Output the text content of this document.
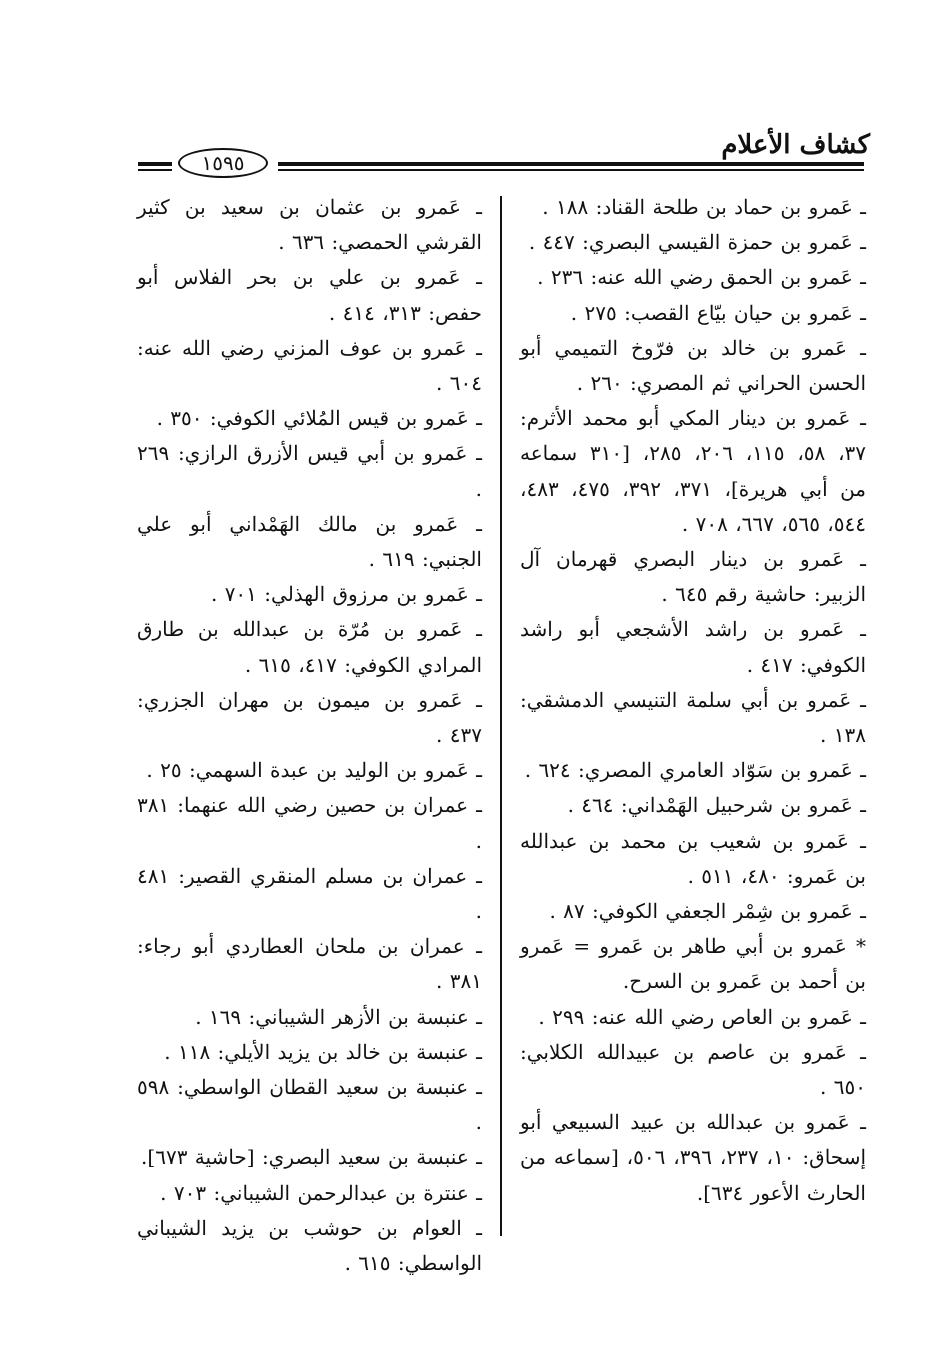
كشاف الأعلام
١٥٩٥

ـ عَمرو بن حماد بن طلحة القناد: ١٨٨ .

ـ عَمرو بن حمزة القيسي البصري: ٤٤٧ .

ـ عَمرو بن الحمق رضي الله عنه: ٢٣٦ .

ـ عَمرو بن حيان بيّاع القصب: ٢٧٥ .

ـ عَمرو بن خالد بن فرّوخ التميمي أبو الحسن الحراني ثم المصري: ٢٦٠ .

ـ عَمرو بن دينار المكي أبو محمد الأثرم: ٣٧، ٥٨، ١١٥، ٢٠٦، ٢٨٥، [٣١٠ سماعه من أبي هريرة]، ٣٧١، ٣٩٢، ٤٧٥، ٤٨٣، ٥٤٤، ٥٦٥، ٦٦٧، ٧٠٨ .

ـ عَمرو بن دينار البصري قهرمان آل الزبير: حاشية رقم ٦٤٥ .

ـ عَمرو بن راشد الأشجعي أبو راشد الكوفي: ٤١٧ .

ـ عَمرو بن أبي سلمة التنيسي الدمشقي: ١٣٨ .

ـ عَمرو بن سَوّاد العامري المصري: ٦٢٤ .

ـ عَمرو بن شرحبيل الهَمْداني: ٤٦٤ .

ـ عَمرو بن شعيب بن محمد بن عبدالله بن عَمرو: ٤٨٠، ٥١١ .

ـ عَمرو بن شِمْر الجعفي الكوفي: ٨٧ .

* عَمرو بن أبي طاهر بن عَمرو = عَمرو بن أحمد بن عَمرو بن السرح.

ـ عَمرو بن العاص رضي الله عنه: ٢٩٩ .

ـ عَمرو بن عاصم بن عبيدالله الكلابي: ٦٥٠ .

ـ عَمرو بن عبدالله بن عبيد السبيعي أبو إسحاق: ١٠، ٢٣٧، ٣٩٦، ٥٠٦، [سماعه من الحارث الأعور ٦٣٤].

ـ عَمرو بن عثمان بن سعيد بن كثير القرشي الحمصي: ٦٣٦ .

ـ عَمرو بن علي بن بحر الفلاس أبو حفص: ٣١٣، ٤١٤ .

ـ عَمرو بن عوف المزني رضي الله عنه: ٦٠٤ .

ـ عَمرو بن قيس المُلائي الكوفي: ٣٥٠ .

ـ عَمرو بن أبي قيس الأزرق الرازي: ٢٦٩ .

ـ عَمرو بن مالك الهَمْداني أبو علي الجنبي: ٦١٩ .

ـ عَمرو بن مرزوق الهذلي: ٧٠١ .

ـ عَمرو بن مُرّة بن عبدالله بن طارق المرادي الكوفي: ٤١٧، ٦١٥ .

ـ عَمرو بن ميمون بن مهران الجزري: ٤٣٧ .

ـ عَمرو بن الوليد بن عبدة السهمي: ٢٥ .

ـ عمران بن حصين رضي الله عنهما: ٣٨١ .

ـ عمران بن مسلم المنقري القصير: ٤٨١ .

ـ عمران بن ملحان العطاردي أبو رجاء: ٣٨١ .

ـ عنبسة بن الأزهر الشيباني: ١٦٩ .

ـ عنبسة بن خالد بن يزيد الأيلي: ١١٨ .

ـ عنبسة بن سعيد القطان الواسطي: ٥٩٨ .

ـ عنبسة بن سعيد البصري: [حاشية ٦٧٣].

ـ عنترة بن عبدالرحمن الشيباني: ٧٠٣ .

ـ العوام بن حوشب بن يزيد الشيباني الواسطي: ٦١٥ .
